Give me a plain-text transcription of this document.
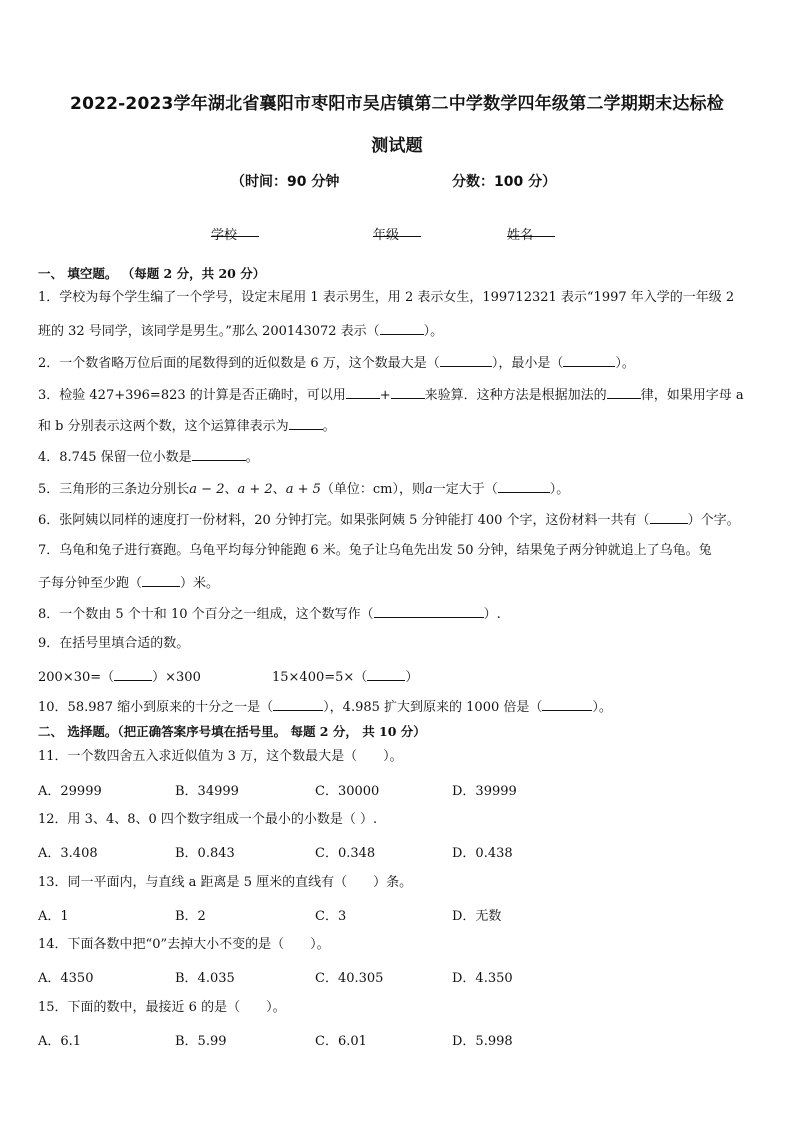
2022-2023学年湖北省襄阳市枣阳市吴店镇第二中学数学四年级第二学期期末达标检
测试题
（时间：90 分钟	分数：100 分）
学校	年级	姓名
一、 填空题。 （每题 2 分，共 20 分）
1．学校为每个学生编了一个学号，设定末尾用 1 表示男生，用 2 表示女生，199712321 表示“1997 年入学的一年级 2
班的 32 号同学，该同学是男生。”那么 200143072 表示（	）。
2．一个数省略万位后面的尾数得到的近似数是 6 万，这个数最大是（	），最小是（	）。
3．检验 427+396=823 的计算是否正确时，可以用	+	来验算．这种方法是根据加法的	律，如果用字母 a
和 b 分别表示这两个数，这个运算律表示为	。
4．8.745 保留一位小数是	。
5．三角形的三条边分别长a − 2、a + 2、a + 5（单位：cm），则a一定大于（	）。
6．张阿姨以同样的速度打一份材料，20 分钟打完。如果张阿姨 5 分钟能打 400 个字，这份材料一共有（	）个字。
7．乌龟和兔子进行赛跑。乌龟平均每分钟能跑 6 米。兔子让乌龟先出发 50 分钟，结果兔子两分钟就追上了乌龟。兔
子每分钟至少跑（	）米。
8．一个数由 5 个十和 10 个百分之一组成，这个数写作（	）.
9．在括号里填合适的数。
200×30=（	）×300	15×400=5×（	）
10．58.987 缩小到原来的十分之一是（	），4.985 扩大到原来的 1000 倍是（	）。
二、 选择题。（把正确答案序号填在括号里。 每题 2 分， 共 10 分）
11．一个数四舍五入求近似值为 3 万，这个数最大是（　　）。
A．29999	B．34999	C．30000	D．39999
12．用 3、4、8、0 四个数字组成一个最小的小数是（ ）.
A．3.408	B．0.843	C．0.348	D．0.438
13．同一平面内，与直线 a 距离是 5 厘米的直线有（　　）条。
A．1	B．2	C．3	D．无数
14．下面各数中把“0”去掉大小不变的是（　　）。
A．4350	B．4.035	C．40.305	D．4.350
15．下面的数中，最接近 6 的是（　　）。
A．6.1	B．5.99	C．6.01	D．5.998
